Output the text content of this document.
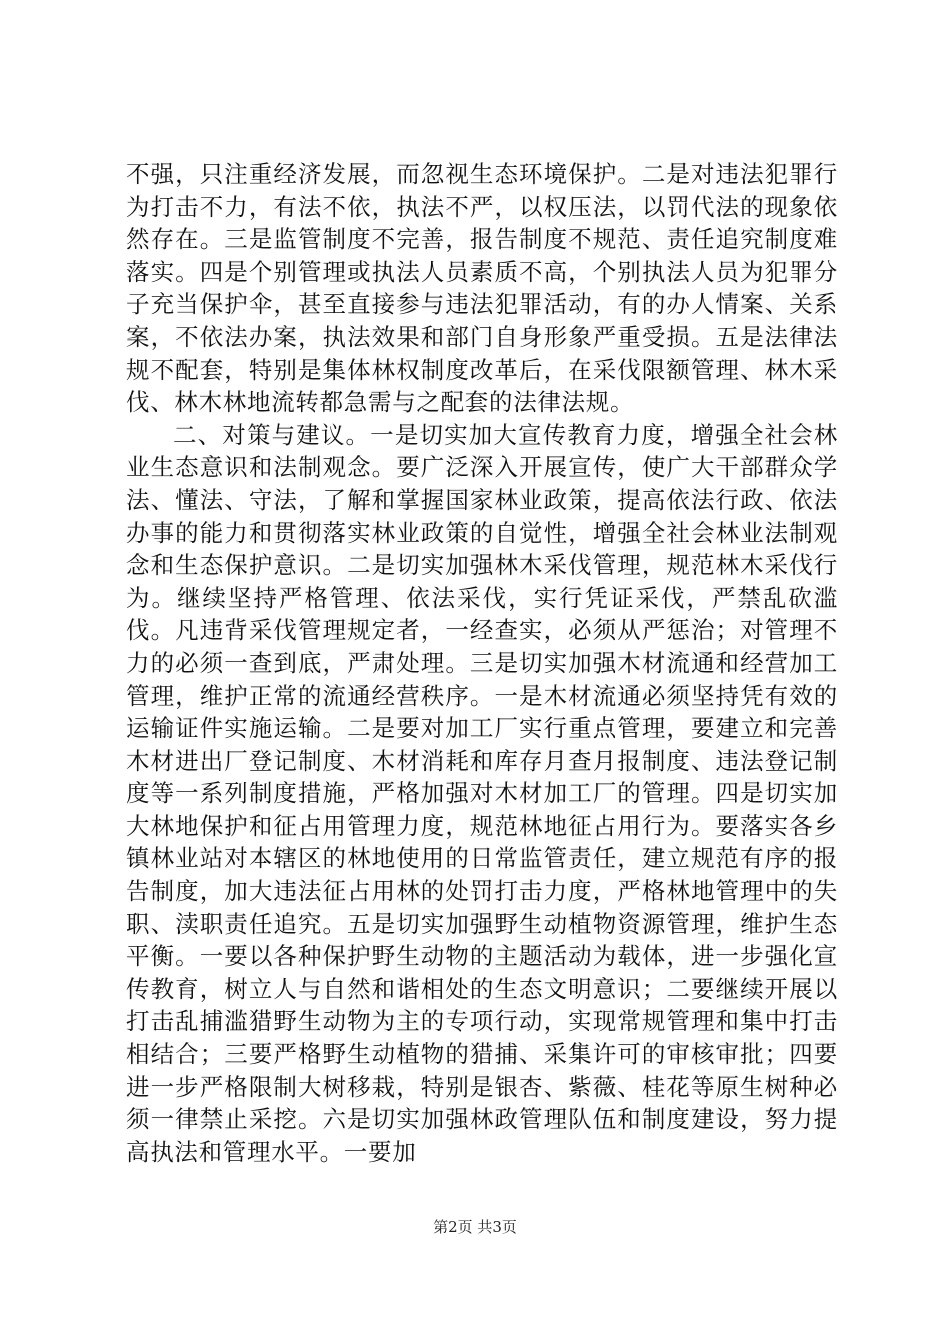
不强，只注重经济发展，而忽视生态环境保护。二是对违法犯罪行为打击不力，有法不依，执法不严，以权压法，以罚代法的现象依然存在。三是监管制度不完善，报告制度不规范、责任追究制度难落实。四是个别管理或执法人员素质不高，个别执法人员为犯罪分子充当保护伞，甚至直接参与违法犯罪活动，有的办人情案、关系案，不依法办案，执法效果和部门自身形象严重受损。五是法律法规不配套，特别是集体林权制度改革后，在采伐限额管理、林木采伐、林木林地流转都急需与之配套的法律法规。

二、对策与建议。一是切实加大宣传教育力度，增强全社会林业生态意识和法制观念。要广泛深入开展宣传，使广大干部群众学法、懂法、守法，了解和掌握国家林业政策，提高依法行政、依法办事的能力和贯彻落实林业政策的自觉性，增强全社会林业法制观念和生态保护意识。二是切实加强林木采伐管理，规范林木采伐行为。继续坚持严格管理、依法采伐，实行凭证采伐，严禁乱砍滥伐。凡违背采伐管理规定者，一经查实，必须从严惩治；对管理不力的必须一查到底，严肃处理。三是切实加强木材流通和经营加工管理，维护正常的流通经营秩序。一是木材流通必须坚持凭有效的运输证件实施运输。二是要对加工厂实行重点管理，要建立和完善木材进出厂登记制度、木材消耗和库存月查月报制度、违法登记制度等一系列制度措施，严格加强对木材加工厂的管理。四是切实加大林地保护和征占用管理力度，规范林地征占用行为。要落实各乡镇林业站对本辖区的林地使用的日常监管责任，建立规范有序的报告制度，加大违法征占用林的处罚打击力度，严格林地管理中的失职、渎职责任追究。五是切实加强野生动植物资源管理，维护生态平衡。一要以各种保护野生动物的主题活动为载体，进一步强化宣传教育，树立人与自然和谐相处的生态文明意识；二要继续开展以打击乱捕滥猎野生动物为主的专项行动，实现常规管理和集中打击相结合；三要严格野生动植物的猎捕、采集许可的审核审批；四要进一步严格限制大树移栽，特别是银杏、紫薇、桂花等原生树种必须一律禁止采挖。六是切实加强林政管理队伍和制度建设，努力提高执法和管理水平。一要加

第2页 共3页
